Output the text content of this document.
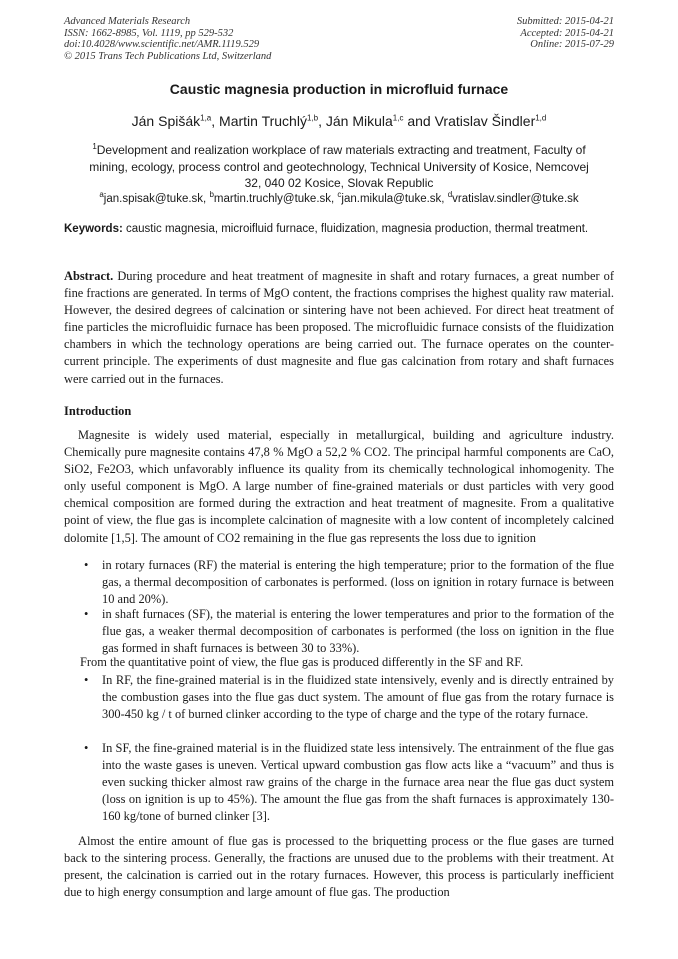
Advanced Materials Research
ISSN: 1662-8985, Vol. 1119, pp 529-532
doi:10.4028/www.scientific.net/AMR.1119.529
© 2015 Trans Tech Publications Ltd, Switzerland
Submitted: 2015-04-21
Accepted: 2015-04-21
Online: 2015-07-29
Caustic magnesia production in microfluid furnace
Ján Spišák$^{1,a}$, Martin Truchlý$^{1,b}$, Ján Mikula$^{1,c}$ and Vratislav Šindler$^{1,d}$
$^1$Development and realization workplace of raw materials extracting and treatment, Faculty of mining, ecology, process control and geotechnology, Technical University of Kosice, Nemcovej 32, 040 02 Kosice, Slovak Republic
$^a$jan.spisak@tuke.sk, $^b$martin.truchly@tuke.sk, $^c$jan.mikula@tuke.sk, $^d$vratislav.sindler@tuke.sk
Keywords: caustic magnesia, microifluid furnace, fluidization, magnesia production, thermal treatment.
Abstract. During procedure and heat treatment of magnesite in shaft and rotary furnaces, a great number of fine fractions are generated. In terms of MgO content, the fractions comprises the highest quality raw material. However, the desired degrees of calcination or sintering have not been achieved. For direct heat treatment of fine particles the microfluidic furnace has been proposed. The microfluidic furnace consists of the fluidization chambers in which the technology operations are being carried out. The furnace operates on the counter-current principle. The experiments of dust magnesite and flue gas calcination from rotary and shaft furnaces were carried out in the furnaces.
Introduction
Magnesite is widely used material, especially in metallurgical, building and agriculture industry. Chemically pure magnesite contains 47,8 % MgO a 52,2 % CO2. The principal harmful components are CaO, SiO2, Fe2O3, which unfavorably influence its quality from its chemically technological inhomogenity. The only useful component is MgO. A large number of fine-grained materials or dust particles with very good chemical composition are formed during the extraction and heat treatment of magnesite. From a qualitative point of view, the flue gas is incomplete calcination of magnesite with a low content of incompletely calcined dolomite [1,5]. The amount of CO2 remaining in the flue gas represents the loss due to ignition
• in rotary furnaces (RF) the material is entering the high temperature; prior to the formation of the flue gas, a thermal decomposition of carbonates is performed. (loss on ignition in rotary furnace is between 10 and 20%).
• in shaft furnaces (SF), the material is entering the lower temperatures and prior to the formation of the flue gas, a weaker thermal decomposition of carbonates is performed (the loss on ignition in the flue gas formed in shaft furnaces is between 30 to 33%).
From the quantitative point of view, the flue gas is produced differently in the SF and RF.
• In RF, the fine-grained material is in the fluidized state intensively, evenly and is directly entrained by the combustion gases into the flue gas duct system. The amount of flue gas from the rotary furnace is 300-450 kg / t of burned clinker according to the type of charge and the type of the rotary furnace.
• In SF, the fine-grained material is in the fluidized state less intensively. The entrainment of the flue gas into the waste gases is uneven. Vertical upward combustion gas flow acts like a “vacuum” and thus is even sucking thicker almost raw grains of the charge in the furnace area near the flue gas duct system (loss on ignition is up to 45%). The amount the flue gas from the shaft furnaces is approximately 130-160 kg/tone of burned clinker [3].
Almost the entire amount of flue gas is processed to the briquetting process or the flue gases are turned back to the sintering process. Generally, the fractions are unused due to the problems with their treatment. At present, the calcination is carried out in the rotary furnaces. However, this process is particularly inefficient due to high energy consumption and large amount of flue gas. The production
